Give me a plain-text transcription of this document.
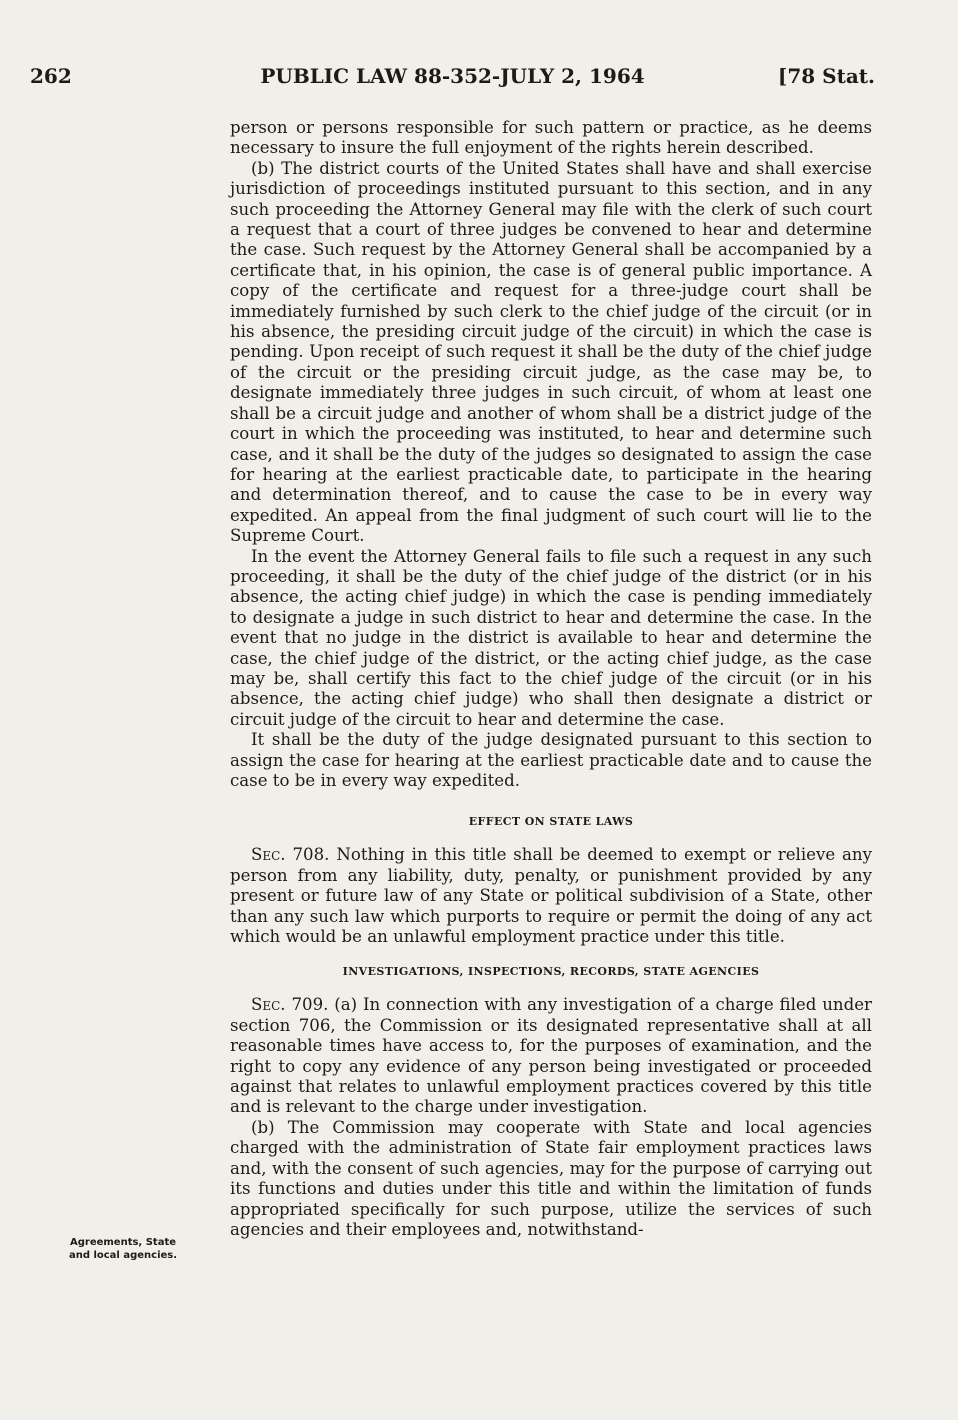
262	PUBLIC LAW 88-352-JULY 2, 1964	[78 Stat.

person or persons responsible for such pattern or practice, as he deems necessary to insure the full enjoyment of the rights herein described.

(b) The district courts of the United States shall have and shall exercise jurisdiction of proceedings instituted pursuant to this section, and in any such proceeding the Attorney General may file with the clerk of such court a request that a court of three judges be convened to hear and determine the case. Such request by the Attorney General shall be accompanied by a certificate that, in his opinion, the case is of general public importance. A copy of the certificate and request for a three-judge court shall be immediately furnished by such clerk to the chief judge of the circuit (or in his absence, the presiding circuit judge of the circuit) in which the case is pending. Upon receipt of such request it shall be the duty of the chief judge of the circuit or the presiding circuit judge, as the case may be, to designate immediately three judges in such circuit, of whom at least one shall be a circuit judge and another of whom shall be a district judge of the court in which the proceeding was instituted, to hear and determine such case, and it shall be the duty of the judges so designated to assign the case for hearing at the earliest practicable date, to participate in the hearing and determination thereof, and to cause the case to be in every way expedited. An appeal from the final judgment of such court will lie to the Supreme Court.

In the event the Attorney General fails to file such a request in any such proceeding, it shall be the duty of the chief judge of the district (or in his absence, the acting chief judge) in which the case is pending immediately to designate a judge in such district to hear and determine the case. In the event that no judge in the district is available to hear and determine the case, the chief judge of the district, or the acting chief judge, as the case may be, shall certify this fact to the chief judge of the circuit (or in his absence, the acting chief judge) who shall then designate a district or circuit judge of the circuit to hear and determine the case.

It shall be the duty of the judge designated pursuant to this section to assign the case for hearing at the earliest practicable date and to cause the case to be in every way expedited.

EFFECT ON STATE LAWS

Sec. 708. Nothing in this title shall be deemed to exempt or relieve any person from any liability, duty, penalty, or punishment provided by any present or future law of any State or political subdivision of a State, other than any such law which purports to require or permit the doing of any act which would be an unlawful employment practice under this title.

INVESTIGATIONS, INSPECTIONS, RECORDS, STATE AGENCIES

Sec. 709. (a) In connection with any investigation of a charge filed under section 706, the Commission or its designated representative shall at all reasonable times have access to, for the purposes of examination, and the right to copy any evidence of any person being investigated or proceeded against that relates to unlawful employment practices covered by this title and is relevant to the charge under investigation.

(b) The Commission may cooperate with State and local agencies charged with the administration of State fair employment practices laws and, with the consent of such agencies, may for the purpose of carrying out its functions and duties under this title and within the limitation of funds appropriated specifically for such purpose, utilize the services of such agencies and their employees and, notwithstand-

Agreements, State and local agencies.
